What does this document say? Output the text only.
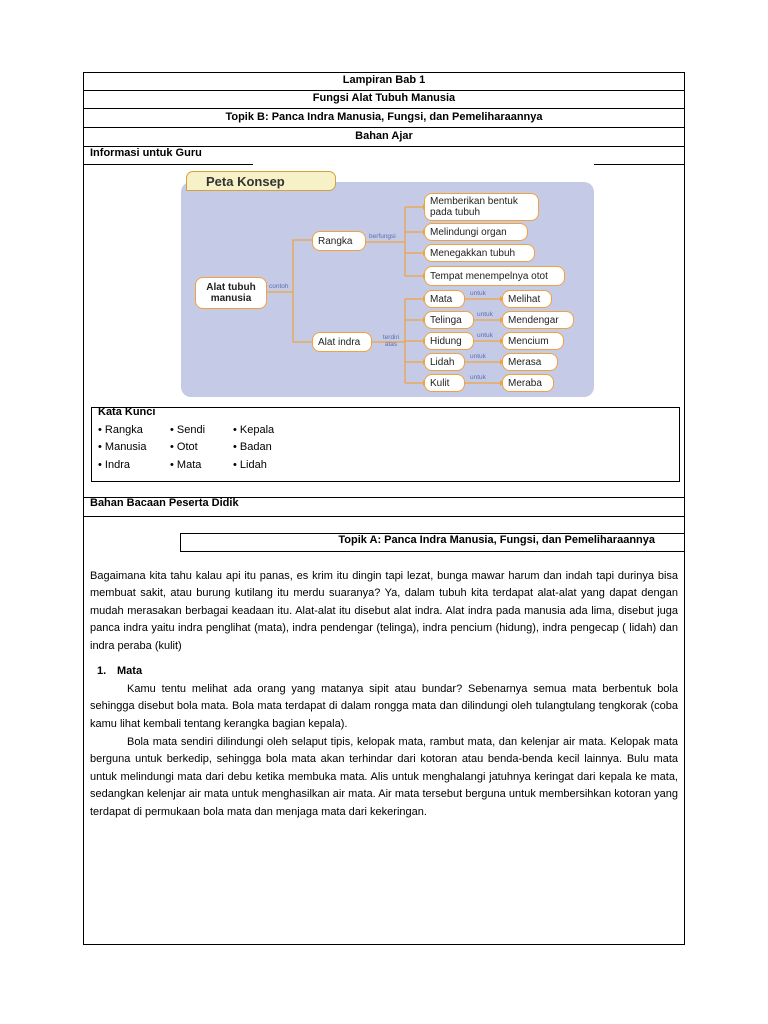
Lampiran Bab 1
Fungsi Alat Tubuh Manusia
Topik B: Panca Indra Manusia, Fungsi, dan Pemeliharaannya
Bahan Ajar
Informasi untuk Guru
Peta Konsep
Alat tubuh manusia
contoh
Rangka	berfungsi
Alat indra	terdiri atas
Memberikan bentuk pada tubuh
Melindungi organ
Menegakkan tubuh
Tempat menempelnya otot
Mata	untuk	Melihat
Telinga	untuk	Mendengar
Hidung	untuk	Mencium
Lidah	untuk	Merasa
Kulit	untuk	Meraba
Kata Kunci
• Rangka
• Manusia
• Indra
• Sendi
• Otot
• Mata
• Kepala
• Badan
• Lidah
Bahan Bacaan Peserta Didik
Topik A: Panca Indra Manusia, Fungsi, dan Pemeliharaannya
Bagaimana kita tahu kalau api itu panas, es krim itu dingin tapi lezat, bunga mawar harum dan indah tapi durinya bisa membuat sakit, atau burung kutilang itu merdu suaranya? Ya, dalam tubuh kita terdapat alat-alat yang dapat dengan mudah merasakan berbagai keadaan itu. Alat-alat itu disebut alat indra. Alat indra pada manusia ada lima, disebut juga panca indra yaitu indra penglihat (mata), indra pendengar (telinga), indra pencium (hidung), indra pengecap ( lidah) dan indra peraba (kulit)
1. Mata
Kamu tentu melihat ada orang yang matanya sipit atau bundar? Sebenarnya semua mata berbentuk bola sehingga disebut bola mata. Bola mata terdapat di dalam rongga mata dan dilindungi oleh tulangtulang tengkorak (coba kamu lihat kembali tentang kerangka bagian kepala).
Bola mata sendiri dilindungi oleh selaput tipis, kelopak mata, rambut mata, dan kelenjar air mata. Kelopak mata berguna untuk berkedip, sehingga bola mata akan terhindar dari kotoran atau benda-benda kecil lainnya. Bulu mata untuk melindungi mata dari debu ketika membuka mata. Alis untuk menghalangi jatuhnya keringat dari kepala ke mata, sedangkan kelenjar air mata untuk menghasilkan air mata. Air mata tersebut berguna untuk membersihkan kotoran yang terdapat di permukaan bola mata dan menjaga mata dari kekeringan.
